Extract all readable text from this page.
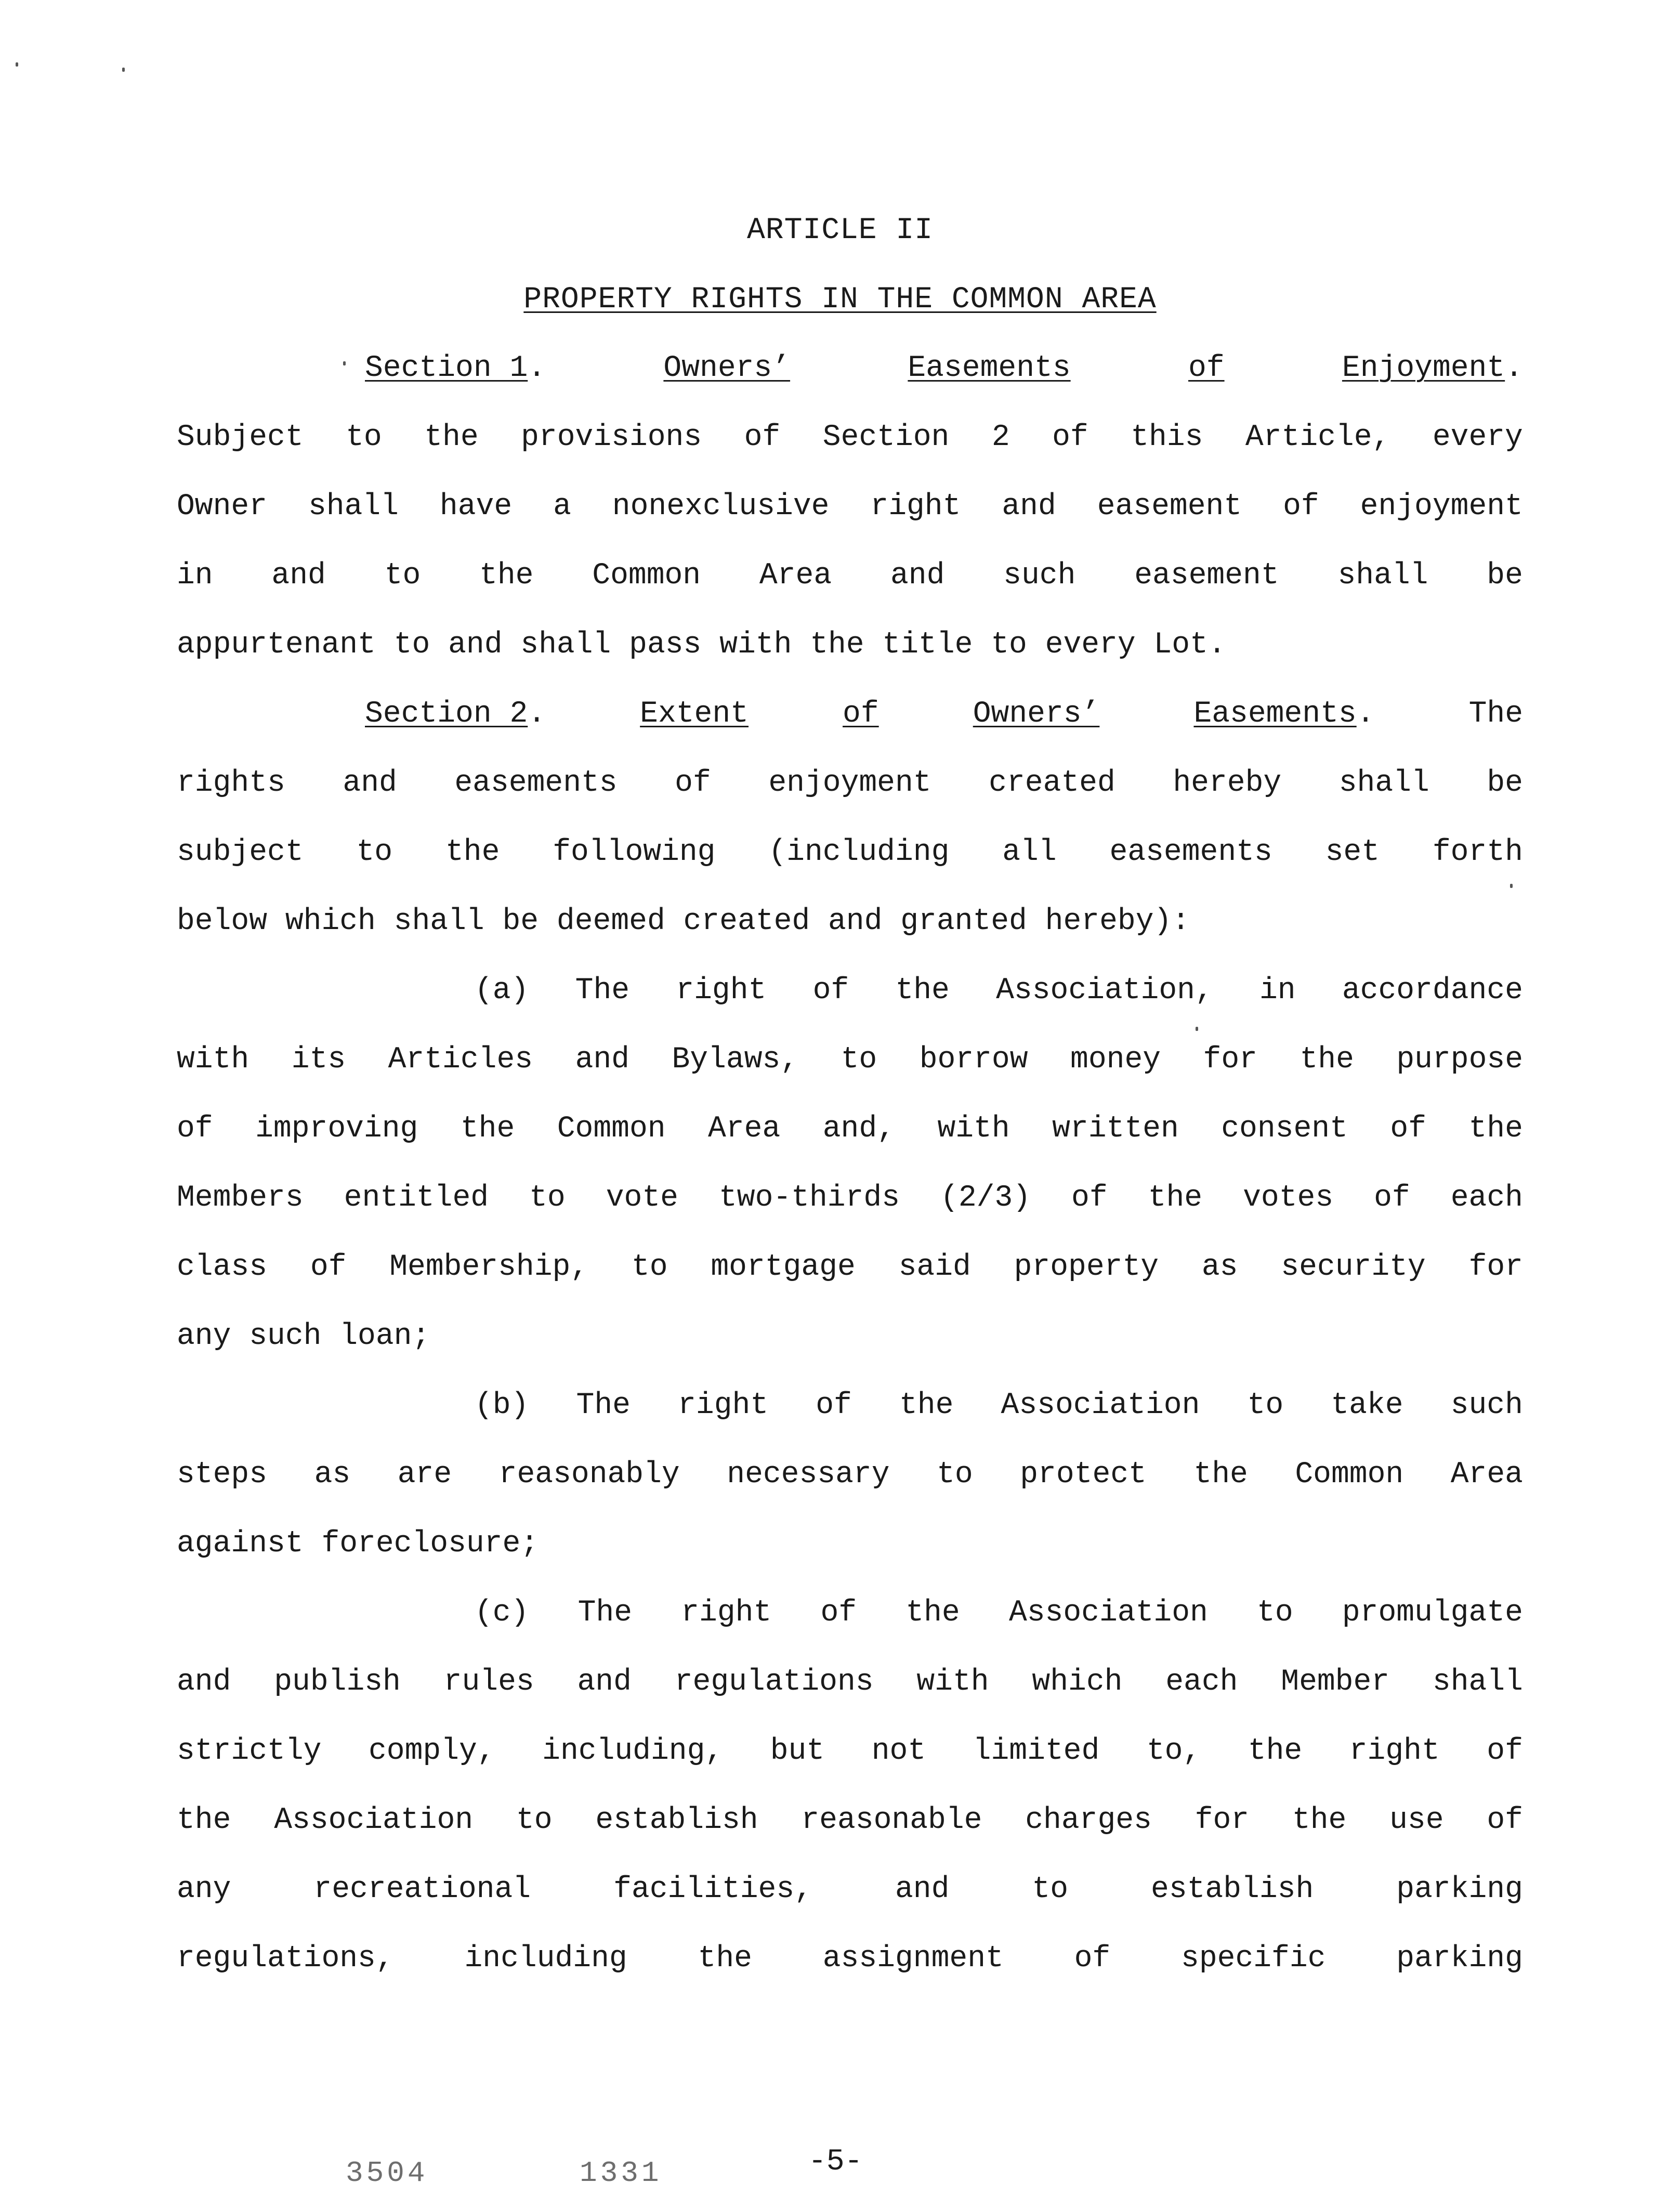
ARTICLE II
PROPERTY RIGHTS IN THE COMMON AREA
Section 1.	Owners’	Easements	of	Enjoyment.
Subject to the provisions of Section 2 of this Article, every
Owner shall have a nonexclusive right and easement of enjoyment
in and to the Common Area and such easement shall be
appurtenant to and shall pass with the title to every Lot.
Section 2.	Extent	of	Owners’	Easements.	The
rights and easements of enjoyment created hereby shall be
subject to the following (including all easements set forth
below which shall be deemed created and granted hereby):
(a) The right of the Association, in accordance
with its Articles and Bylaws, to borrow money for the purpose
of improving the Common Area and, with written consent of the
Members entitled to vote two-thirds (2/3) of the votes of each
class of Membership, to mortgage said property as security for
any such loan;
(b) The right of the Association to take such
steps as are reasonably necessary to protect the Common Area
against foreclosure;
(c) The right of the Association to promulgate
and publish rules and regulations with which each Member shall
strictly comply, including, but not limited to, the right of
the Association to establish reasonable charges for the use of
any	recreational	facilities,	and	to	establish	parking
regulations, including the assignment of specific parking
3504	1331	-5-
